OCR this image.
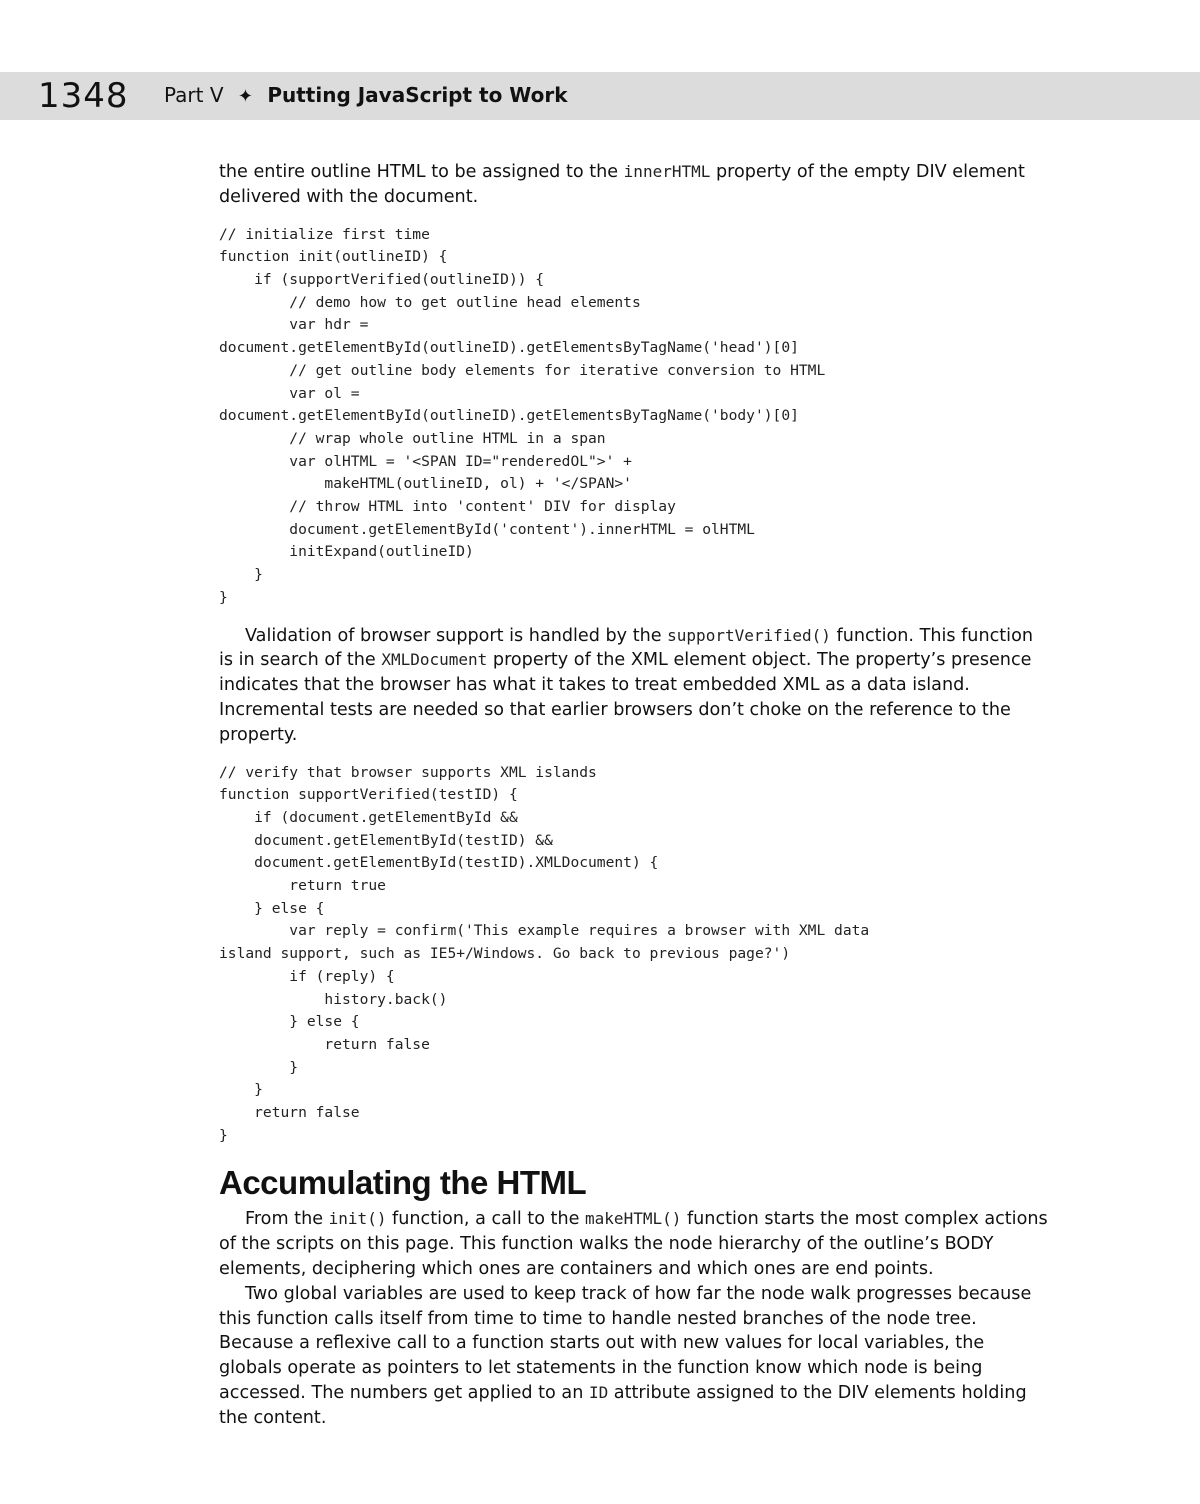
1348 Part V ✦ Putting JavaScript to Work

the entire outline HTML to be assigned to the innerHTML property of the empty DIV element delivered with the document.

// initialize first time
function init(outlineID) {
if (supportVerified(outlineID)) {
// demo how to get outline head elements
var hdr =
document.getElementById(outlineID).getElementsByTagName('head')[0]
// get outline body elements for iterative conversion to HTML
var ol =
document.getElementById(outlineID).getElementsByTagName('body')[0]
// wrap whole outline HTML in a span
var olHTML = '<SPAN ID="renderedOL">' +
makeHTML(outlineID, ol) + '</SPAN>'
// throw HTML into 'content' DIV for display
document.getElementById('content').innerHTML = olHTML
initExpand(outlineID)
}
}

Validation of browser support is handled by the supportVerified() function. This function is in search of the XMLDocument property of the XML element object. The property’s presence indicates that the browser has what it takes to treat embedded XML as a data island. Incremental tests are needed so that earlier browsers don’t choke on the reference to the property.

// verify that browser supports XML islands
function supportVerified(testID) {
if (document.getElementById &&
document.getElementById(testID) &&
document.getElementById(testID).XMLDocument) {
return true
} else {
var reply = confirm('This example requires a browser with XML data
island support, such as IE5+/Windows. Go back to previous page?')
if (reply) {
history.back()
} else {
return false
}
}
return false
}
Accumulating the HTML

From the init() function, a call to the makeHTML() function starts the most complex actions of the scripts on this page. This function walks the node hierarchy of the outline’s BODY elements, deciphering which ones are containers and which ones are end points.

Two global variables are used to keep track of how far the node walk progresses because this function calls itself from time to time to handle nested branches of the node tree. Because a reflexive call to a function starts out with new values for local variables, the globals operate as pointers to let statements in the function know which node is being accessed. The numbers get applied to an ID attribute assigned to the DIV elements holding the content.
